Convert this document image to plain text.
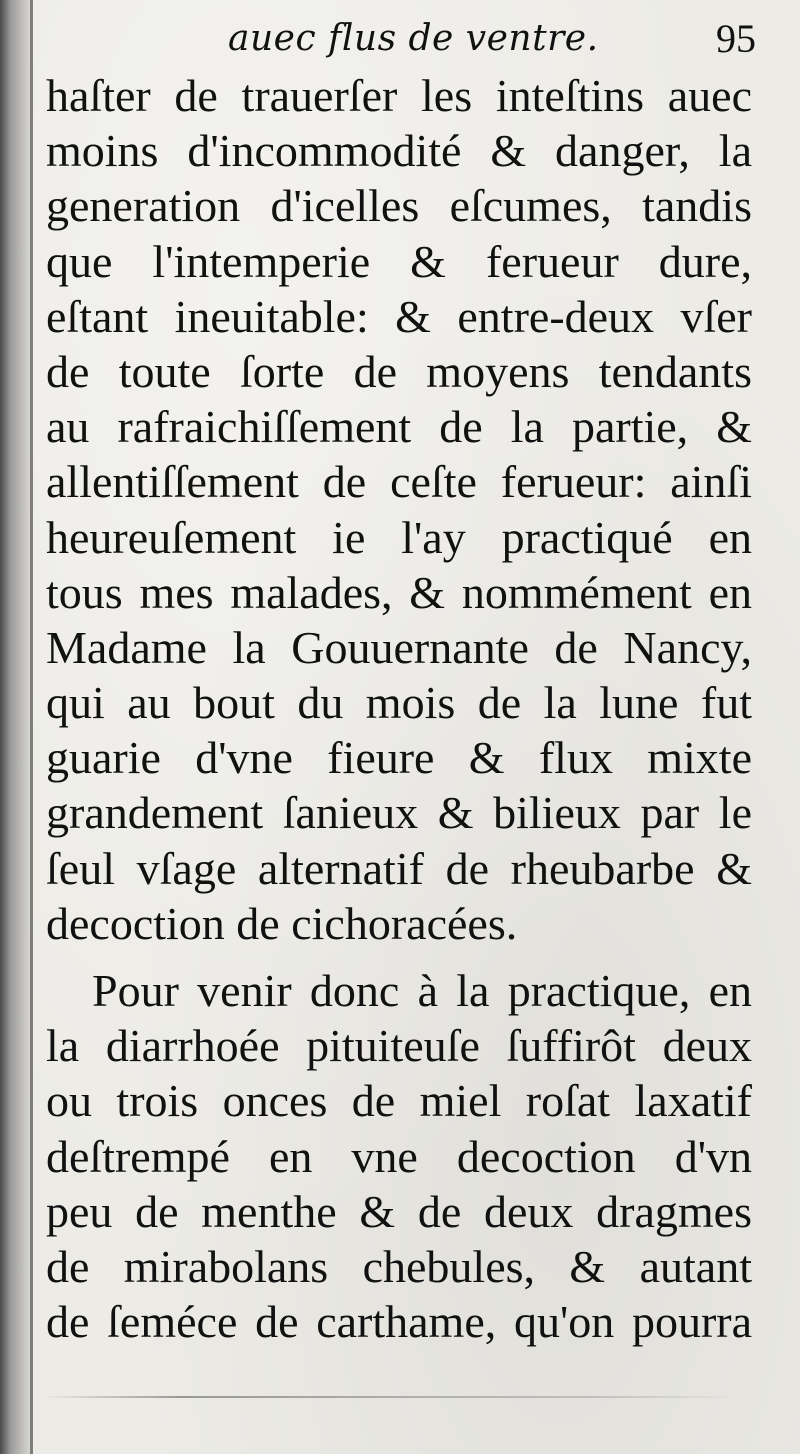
auec flus de ventre.	95
haſter de trauerſer les inteſtins auec
moins d'incommodité & danger, la
generation d'icelles eſcumes, tandis
que l'intemperie & ferueur dure,
eſtant ineuitable: & entre-deux vſer
de toute ſorte de moyens tendants
au rafraichiſſement de la partie, &
allentiſſement de ceſte ferueur: ainſi
heureuſement ie l'ay practiqué en
tous mes malades, & nommément en
Madame la Gouuernante de Nancy,
qui au bout du mois de la lune fut
guarie d'vne fieure & flux mixte
grandement ſanieux & bilieux par le
ſeul vſage alternatif de rheubarbe &
decoction de cichoracées.
Pour venir donc à la practique, en
la diarrhoée pituiteuſe ſuffirôt deux
ou trois onces de miel roſat laxatif
deſtrempé en vne decoction d'vn
peu de menthe & de deux dragmes
de mirabolans chebules, & autant
de ſeméce de carthame, qu'on pourra
